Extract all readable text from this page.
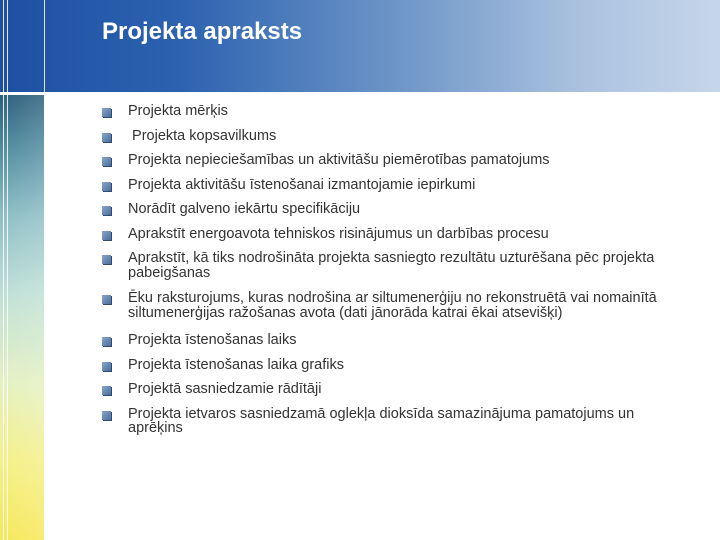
Projekta apraksts
Projekta mērķis
Projekta kopsavilkums
Projekta nepieciešamības un aktivitāšu piemērotības pamatojums
Projekta aktivitāšu īstenošanai izmantojamie iepirkumi
Norādīt galveno iekārtu specifikāciju
Aprakstīt energoavota tehniskos risinājumus un darbības procesu
Aprakstīt, kā tiks nodrošināta projekta sasniegto rezultātu uzturēšana pēc projekta pabeigšanas
Ēku raksturojums, kuras nodrošina ar siltumenerģiju no rekonstruētā vai nomainītā siltumenerģijas ražošanas avota (dati jānorāda katrai ēkai atsevišķi)
Projekta īstenošanas laiks
Projekta īstenošanas laika grafiks
Projektā sasniedzamie rādītāji
Projekta ietvaros sasniedzamā oglekļa dioksīda samazinājuma pamatojums un aprēķins
